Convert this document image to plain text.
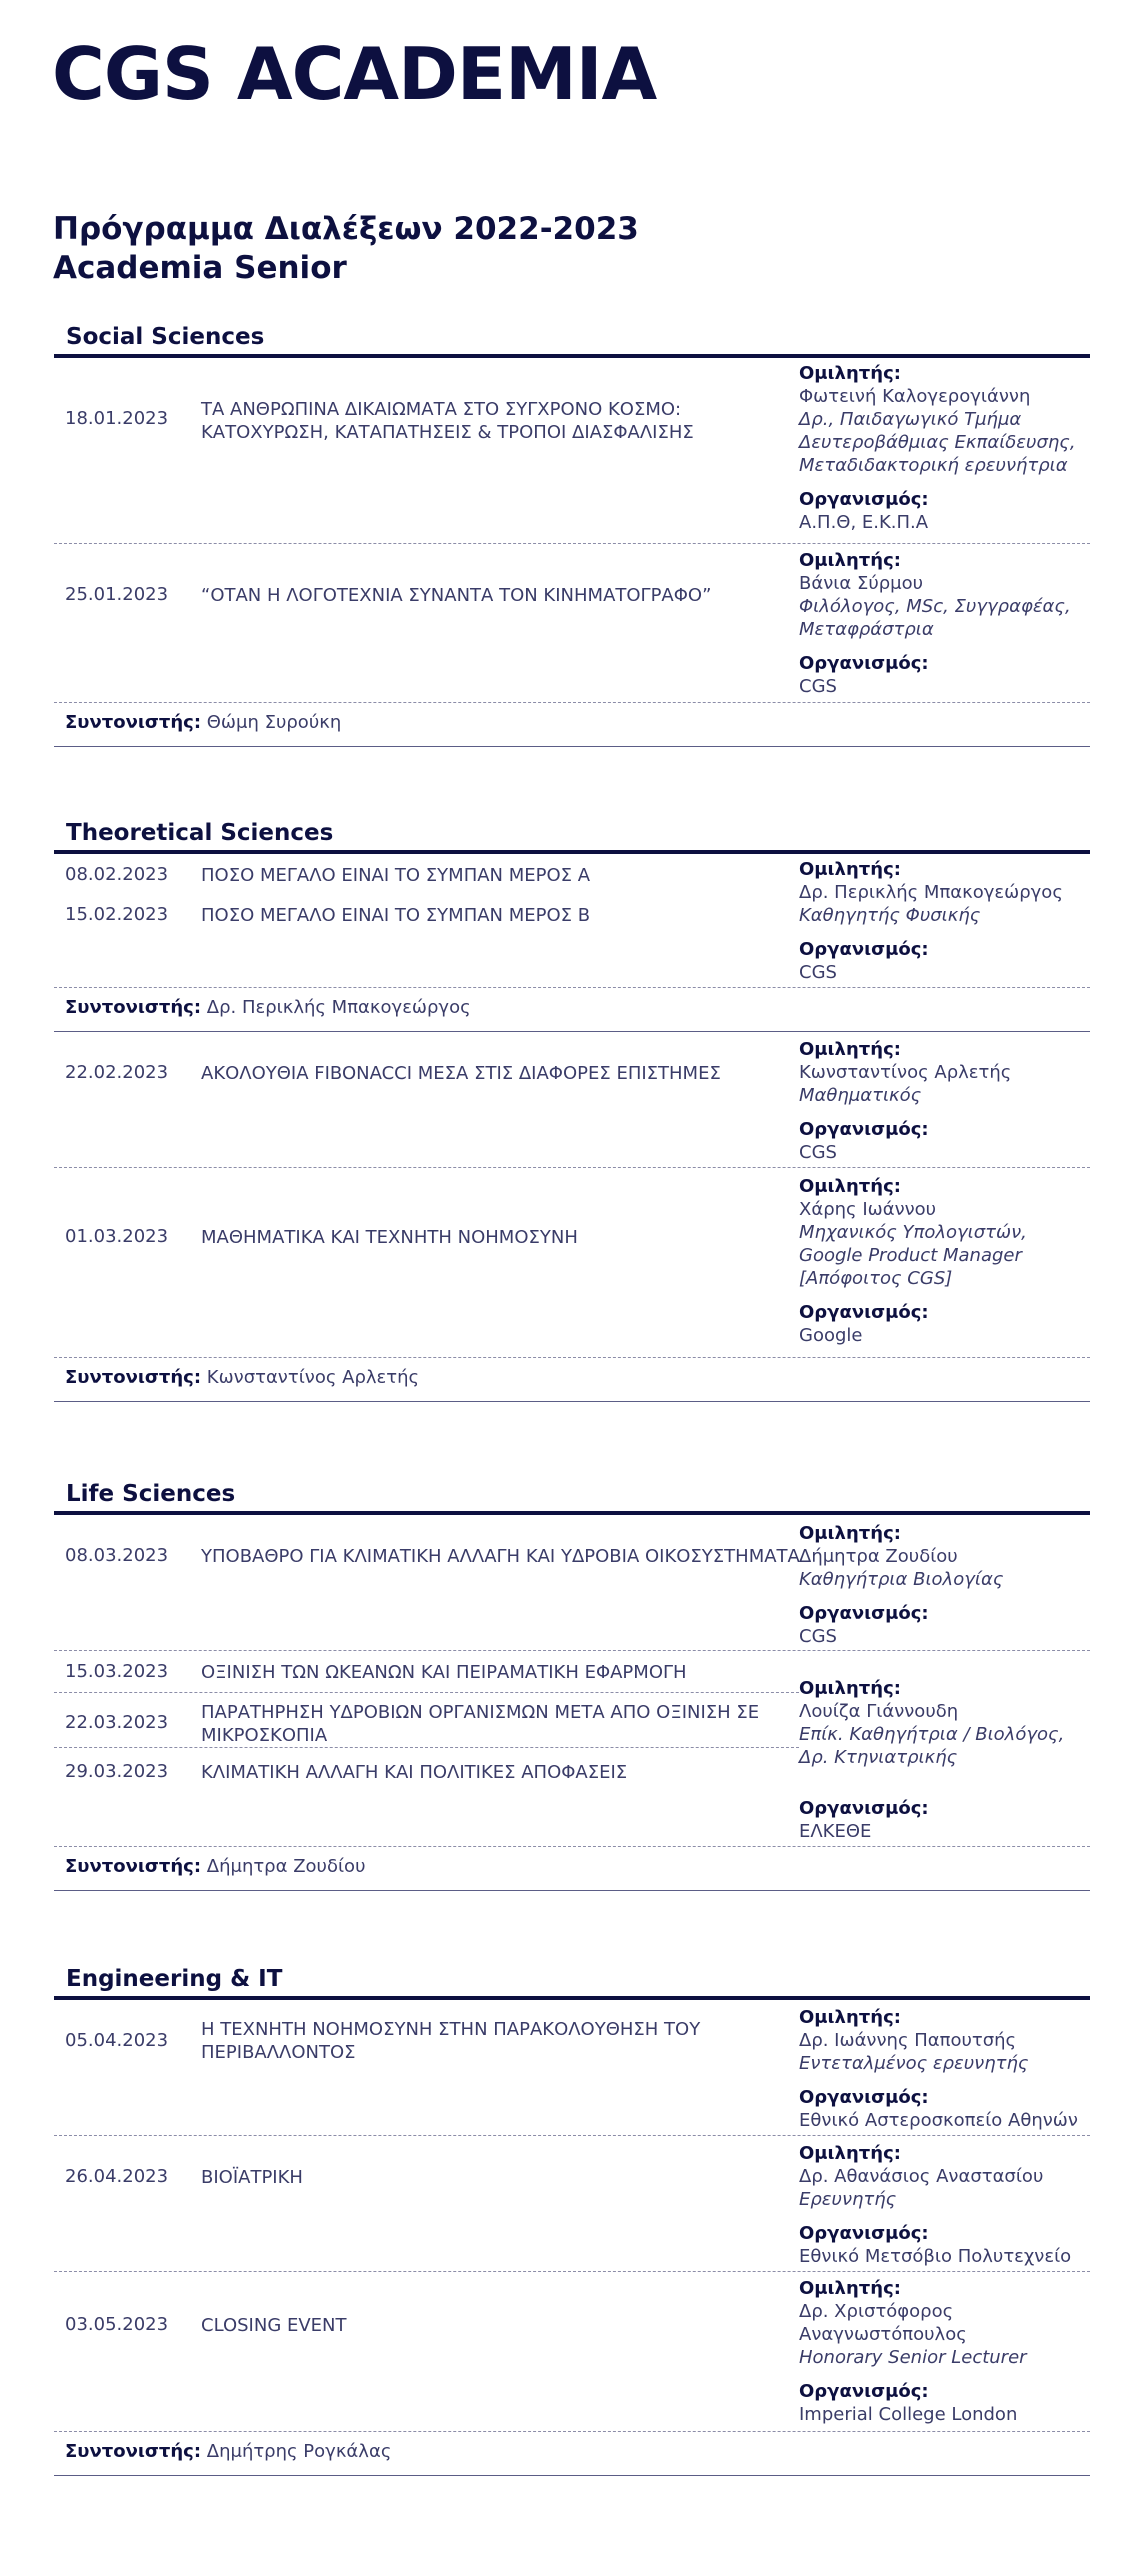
CGS ACADEMIA
Πρόγραμμα Διαλέξεων 2022-2023
Academia Senior
Social Sciences
18.01.2023 ΤΑ ΑΝΘΡΩΠΙΝΑ ΔΙΚΑΙΩΜΑΤΑ ΣΤΟ ΣΥΓΧΡΟΝΟ ΚΟΣΜΟ: ΚΑΤΟΧΥΡΩΣΗ, ΚΑΤΑΠΑΤΗΣΕΙΣ & ΤΡΟΠΟΙ ΔΙΑΣΦΑΛΙΣΗΣ
Ομιλητής:
Φωτεινή Καλογερογιάννη
Δρ., Παιδαγωγικό Τμήμα Δευτεροβάθμιας Εκπαίδευσης, Μεταδιδακτορική ερευνήτρια
Οργανισμός:
Α.Π.Θ, Ε.Κ.Π.Α
25.01.2023 “ΟΤΑΝ Η ΛΟΓΟΤΕΧΝΙΑ ΣΥΝΑΝΤΑ ΤΟΝ ΚΙΝΗΜΑΤΟΓΡΑΦΟ”
Ομιλητής:
Βάνια Σύρμου
Φιλόλογος, MSc, Συγγραφέας, Μεταφράστρια
Οργανισμός:
CGS
Συντονιστής: Θώμη Συρούκη
Theoretical Sciences
08.02.2023 ΠΟΣΟ ΜΕΓΑΛΟ ΕΙΝΑΙ ΤΟ ΣΥΜΠΑΝ ΜΕΡΟΣ Α
15.02.2023 ΠΟΣΟ ΜΕΓΑΛΟ ΕΙΝΑΙ ΤΟ ΣΥΜΠΑΝ ΜΕΡΟΣ Β
Ομιλητής:
Δρ. Περικλής Μπακογεώργος
Καθηγητής Φυσικής
Οργανισμός:
CGS
Συντονιστής: Δρ. Περικλής Μπακογεώργος
22.02.2023 ΑΚΟΛΟΥΘΙΑ FIBONACCI ΜΕΣΑ ΣΤΙΣ ΔΙΑΦΟΡΕΣ ΕΠΙΣΤΗΜΕΣ
Ομιλητής:
Κωνσταντίνος Αρλετής
Μαθηματικός
Οργανισμός:
CGS
01.03.2023 ΜΑΘΗΜΑΤΙΚΑ ΚΑΙ ΤΕΧΝΗΤΗ ΝΟΗΜΟΣΥΝΗ
Ομιλητής:
Χάρης Ιωάννου
Μηχανικός Υπολογιστών, Google Product Manager [Απόφοιτος CGS]
Οργανισμός:
Google
Συντονιστής: Κωνσταντίνος Αρλετής
Life Sciences
08.03.2023 ΥΠΟΒΑΘΡΟ ΓΙΑ ΚΛΙΜΑΤΙΚΗ ΑΛΛΑΓΗ ΚΑΙ ΥΔΡΟΒΙΑ ΟΙΚΟΣΥΣΤΗΜΑΤΑ
Ομιλητής:
Δήμητρα Ζουδίου
Καθηγήτρια Βιολογίας
Οργανισμός:
CGS
15.03.2023 ΟΞΙΝΙΣΗ ΤΩΝ ΩΚΕΑΝΩΝ ΚΑΙ ΠΕΙΡΑΜΑΤΙΚΗ ΕΦΑΡΜΟΓΗ
22.03.2023 ΠΑΡΑΤΗΡΗΣΗ ΥΔΡΟΒΙΩΝ ΟΡΓΑΝΙΣΜΩΝ ΜΕΤΑ ΑΠΟ ΟΞΙΝΙΣΗ ΣΕ ΜΙΚΡΟΣΚΟΠΙΑ
29.03.2023 ΚΛΙΜΑΤΙΚΗ ΑΛΛΑΓΗ ΚΑΙ ΠΟΛΙΤΙΚΕΣ ΑΠΟΦΑΣΕΙΣ
Ομιλητής:
Λουίζα Γιάννουδη
Επίκ. Καθηγήτρια / Βιολόγος, Δρ. Κτηνιατρικής
Οργανισμός:
ΕΛΚΕΘΕ
Συντονιστής: Δήμητρα Ζουδίου
Engineering & IT
05.04.2023
Η ΤΕΧΝΗΤΗ ΝΟΗΜΟΣΥΝΗ ΣΤΗΝ ΠΑΡΑΚΟΛΟΥΘΗΣΗ ΤΟΥ ΠΕΡΙΒΑΛΛΟΝΤΟΣ
Ομιλητής:
Δρ. Ιωάννης Παπουτσής
Εντεταλμένος ερευνητής
Οργανισμός:
Εθνικό Αστεροσκοπείο Αθηνών
26.04.2023 ΒΙΟΪΑΤΡΙΚΗ
Ομιλητής:
Δρ. Αθανάσιος Αναστασίου
Ερευνητής
Οργανισμός:
Εθνικό Μετσόβιο Πολυτεχνείο
03.05.2023 CLOSING EVENT
Ομιλητής:
Δρ. Χριστόφορος Αναγνωστόπουλος
Honorary Senior Lecturer
Οργανισμός:
Imperial College London
Συντονιστής: Δημήτρης Ρογκάλας
